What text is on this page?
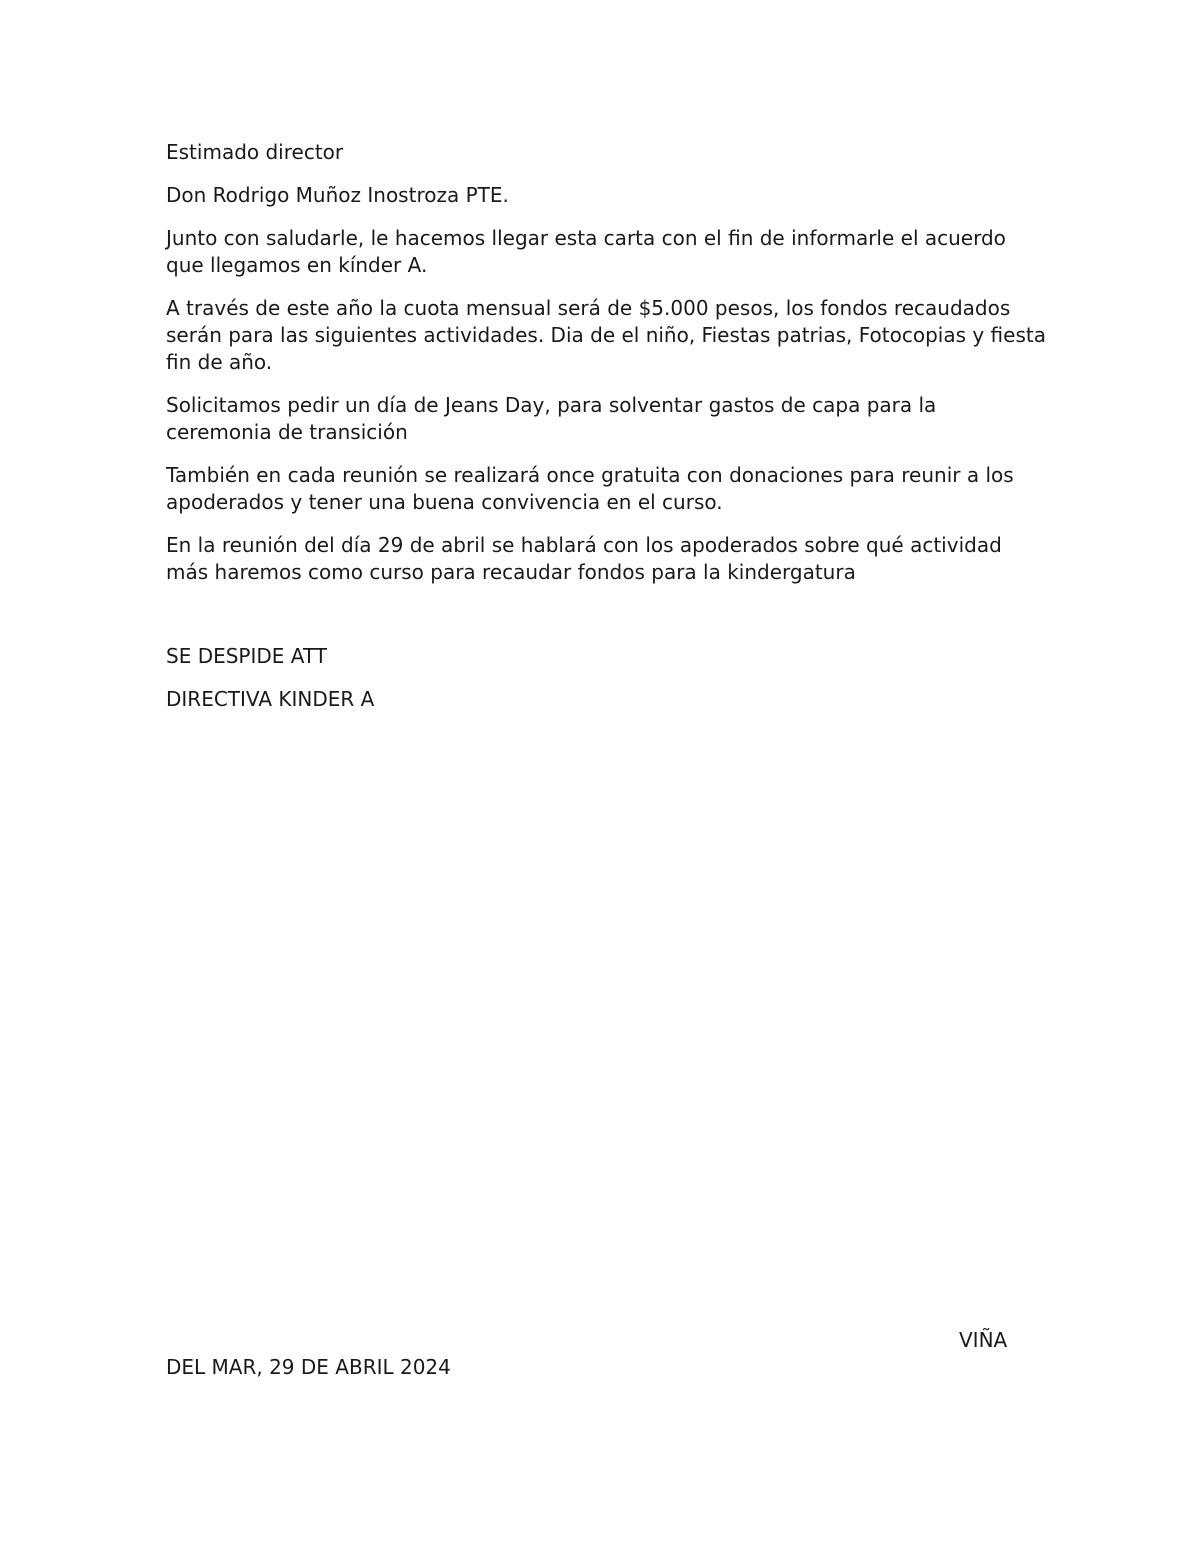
Estimado director

Don Rodrigo Muñoz Inostroza PTE.

Junto con saludarle, le hacemos llegar esta carta con el fin de informarle el acuerdo que llegamos en kínder A.

A través de este año la cuota mensual será de $5.000 pesos, los fondos recaudados serán para las siguientes actividades. Dia de el niño, Fiestas patrias, Fotocopias y fiesta fin de año.

Solicitamos pedir un día de Jeans Day, para solventar gastos de capa para la ceremonia de transición

También en cada reunión se realizará once gratuita con donaciones para reunir a los apoderados y tener una buena convivencia en el curso.

En la reunión del día 29 de abril se hablará con los apoderados sobre qué actividad más haremos como curso para recaudar fondos para la kindergatura

SE DESPIDE ATT

DIRECTIVA KINDER A

VIÑA
DEL MAR, 29 DE ABRIL 2024
